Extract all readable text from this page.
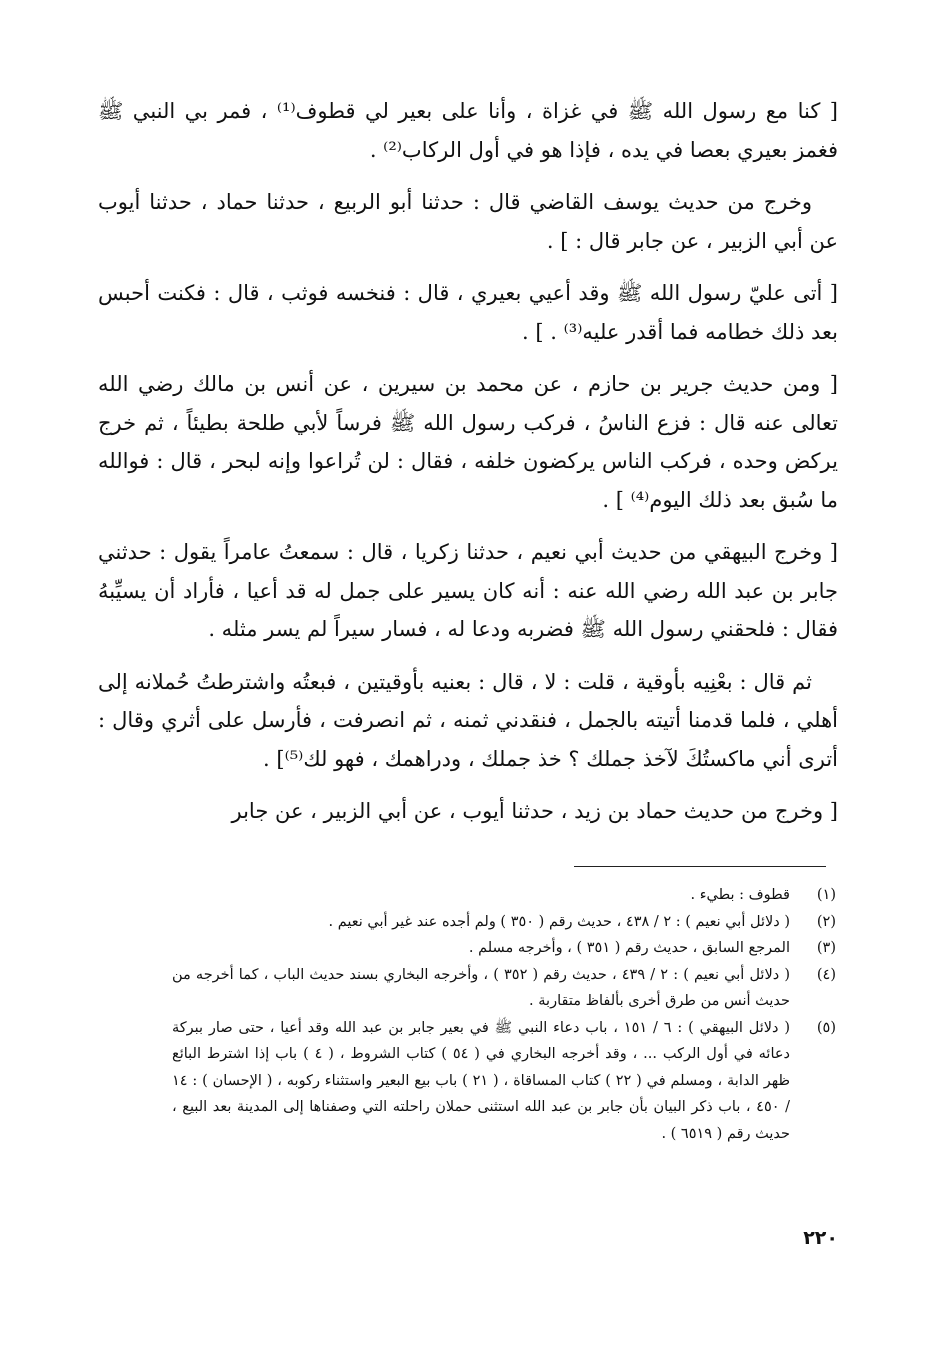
[ كنا مع رسول الله ﷺ في غزاة ، وأنا على بعير لي قطوف⁽¹⁾ ، فمر بي النبي ﷺ فغمز بعيري بعصا في يده ، فإذا هو في أول الركاب⁽²⁾ .

وخرج من حديث يوسف القاضي قال : حدثنا أبو الربيع ، حدثنا حماد ، حدثنا أيوب عن أبي الزبير ، عن جابر قال : ] .

[ أتى عليّ رسول الله ﷺ وقد أعيي بعيري ، قال : فنخسه فوثب ، قال : فكنت أحبس بعد ذلك خطامه فما أقدر عليه⁽³⁾ . ] .

[ ومن حديث جرير بن حازم ، عن محمد بن سيرين ، عن أنس بن مالك رضي الله تعالى عنه قال : فزع الناسُ ، فركب رسول الله ﷺ فرساً لأبي طلحة بطيئاً ، ثم خرج يركض وحده ، فركب الناس يركضون خلفه ، فقال : لن تُراعوا وإنه لبحر ، قال : فوالله ما سُبق بعد ذلك اليوم⁽⁴⁾ ] .

[ وخرج البيهقي من حديث أبي نعيم ، حدثنا زكريا ، قال : سمعتُ عامراً يقول : حدثني جابر بن عبد الله رضي الله عنه : أنه كان يسير على جمل له قد أعيا ، فأراد أن يسيِّبهُ فقال : فلحقني رسول الله ﷺ فضربه ودعا له ، فسار سيراً لم يسر مثله .

ثم قال : بعْنِيه بأوقية ، قلت : لا ، قال : بعنيه بأوقيتين ، فبعتُه واشترطتُ حُملانه إلى أهلي ، فلما قدمنا أتيته بالجمل ، فنقدني ثمنه ، ثم انصرفت ، فأرسل على أثري وقال : أترى أني ماكستُكَ لآخذ جملك ؟ خذ جملك ، ودراهمك ، فهو لك⁽⁵⁾] .

[ وخرج من حديث حماد بن زيد ، حدثنا أيوب ، عن أبي الزبير ، عن جابر

(١)
قطوف : بطيء .
(٢)
( دلائل أبي نعيم ) : ٢ / ٤٣٨ ، حديث رقم ( ٣٥٠ ) ولم أجده عند غير أبي نعيم .
(٣)
المرجع السابق ، حديث رقم ( ٣٥١ ) ، وأخرجه مسلم .
(٤)
( دلائل أبي نعيم ) : ٢ / ٤٣٩ ، حديث رقم ( ٣٥٢ ) ، وأخرجه البخاري بسند حديث الباب ، كما أخرجه من حديث أنس من طرق أخرى بألفاظ متقاربة .
(٥)
( دلائل البيهقي ) : ٦ / ١٥١ ، باب دعاء النبي ﷺ في بعير جابر بن عبد الله وقد أعيا ، حتى صار ببركة دعائه في أول الركب ... ، وقد أخرجه البخاري في ( ٥٤ ) كتاب الشروط ، ( ٤ ) باب إذا اشترط البائع ظهر الدابة ، ومسلم في ( ٢٢ ) كتاب المساقاة ، ( ٢١ ) باب بيع البعير واستثناء ركوبه ، ( الإحسان ) : ١٤ / ٤٥٠ ، باب ذكر البيان بأن جابر بن عبد الله استثنى حملان راحلته التي وصفناها إلى المدينة بعد البيع ، حديث رقم ( ٦٥١٩ ) .
٢٢٠
